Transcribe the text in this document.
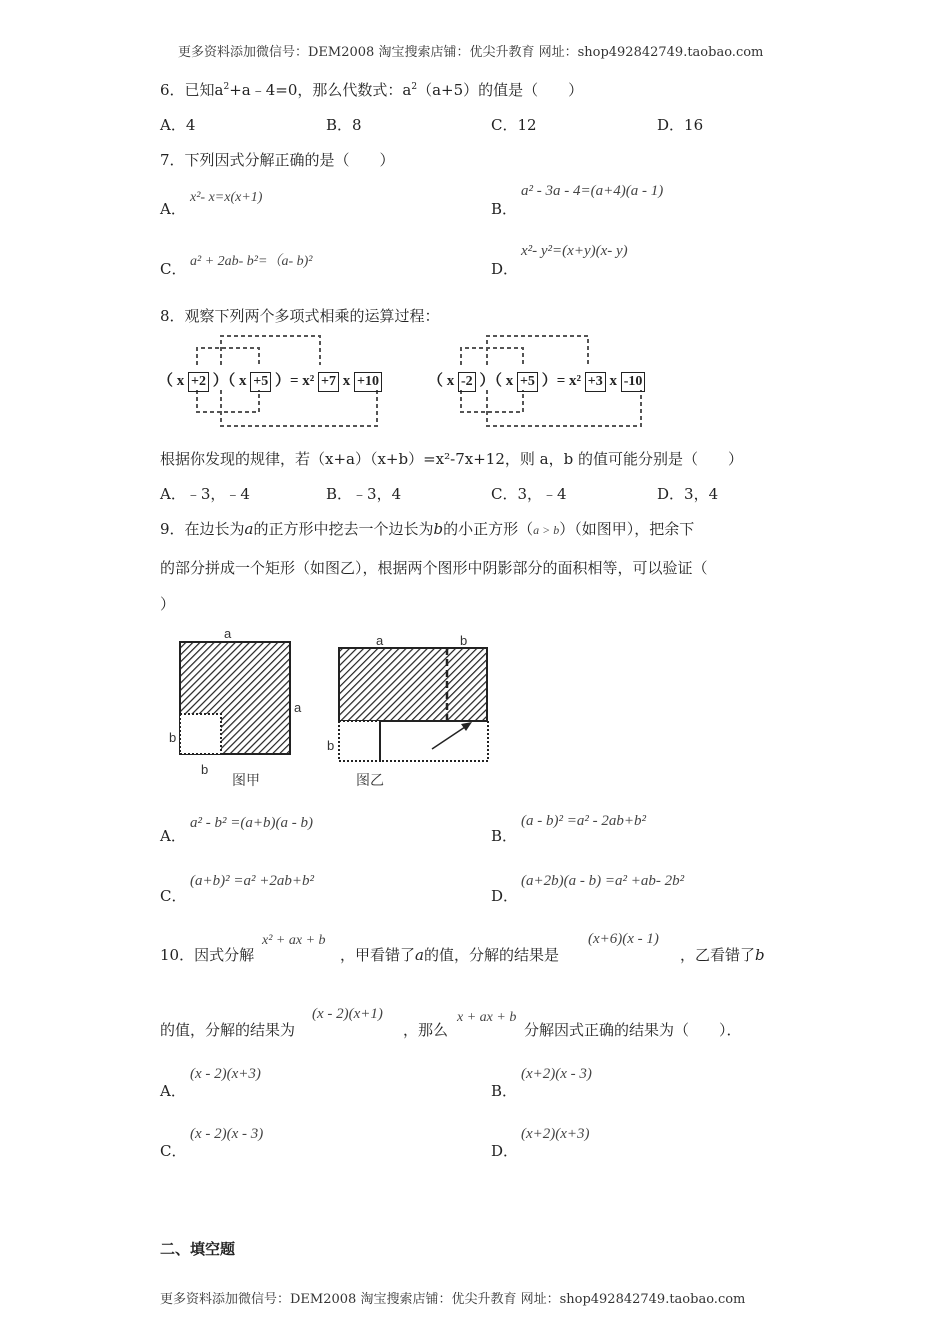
更多资料添加微信号：DEM2008 淘宝搜索店铺：优尖升教育 网址：shop492842749.taobao.com
6．已知$a^2+a﹣4=0$，那么代数式：$a^2(a+5)$的值是（　　）
A．4	B．8	C．12	D．16
7．下列因式分解正确的是（　　）
A．
x²- x=x(x+1)
B．
a² - 3a - 4=(a+4)(a - 1)
C． a² + 2ab- b²=（a- b)²	D．
x²- y²=(x+y)(x- y)
8．观察下列两个多项式相乘的运算过程：
（ x +2 ）（ x +5 ）= x² +7 x +10	（ x -2 ）（ x +5 ）= x² +3 x -10
根据你发现的规律，若（x+a）（x+b）=x²-7x+12，则 a，b 的值可能分别是（　　）
A．﹣3，﹣4	B．﹣3，4	C．3，﹣4	D．3，4
9．在边长为a的正方形中挖去一个边长为b的小正方形（a > b）（如图甲），把余下
的部分拼成一个矩形（如图乙），根据两个图形中阴影部分的面积相等，可以验证（
）
a
a
b
b
图甲
a	b
b
图乙
A．
a² - b² =(a+b)(a - b)
B．
(a - b)² =a² - 2ab+b²
C．
(a+b)² =a² +2ab+b²
D．
(a+2b)(a - b) =a² +ab- 2b²
10．因式分解
x² + ax + b
，甲看错了a的值，分解的结果是
(x+6)(x - 1)
，乙看错了b
的值，分解的结果为
(x - 2)(x+1)
，那么
x + ax + b
分解因式正确的结果为（　　）．
A．
(x - 2)(x+3)
B．
(x+2)(x - 3)
C．
(x - 2)(x - 3)
D．
(x+2)(x+3)
二、填空题
更多资料添加微信号：DEM2008 淘宝搜索店铺：优尖升教育 网址：shop492842749.taobao.com
